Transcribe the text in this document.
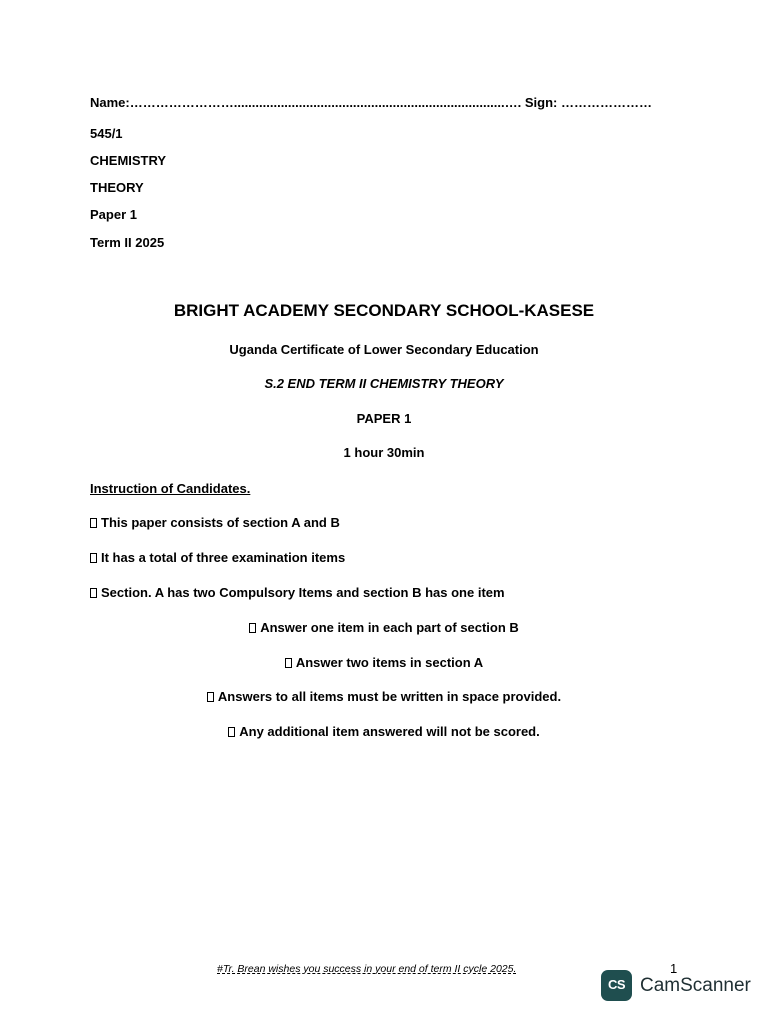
Name:……………………...........................................................................…. Sign: …………………
545/1
CHEMISTRY
THEORY
Paper 1
Term II 2025
BRIGHT ACADEMY SECONDARY SCHOOL-KASESE
Uganda Certificate of Lower Secondary Education
S.2 END TERM II CHEMISTRY THEORY
PAPER 1
1 hour 30min
Instruction of Candidates.
This paper consists of section A and B
It has a total of three examination items
Section. A has two Compulsory Items and section B has one item
Answer one item in each part of section B
Answer two items in section A
Answers to all items must be written in space provided.
Any additional item answered will not be scored.
#Tr. Brean wishes you success in your end of term II cycle 2025.	1
CS CamScanner
